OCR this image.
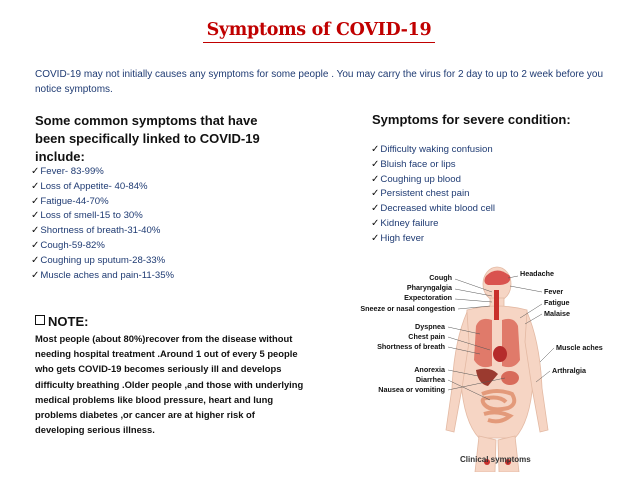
Symptoms of COVID-19
COVID-19 may not initially causes any symptoms for some people . You may carry the virus for 2 day to up to 2 week before you notice symptoms.
Some common symptoms that have been specifically linked to COVID-19 include:
✓Fever- 83-99%
✓Loss of Appetite- 40-84%
✓Fatigue-44-70%
✓Loss of smell-15 to 30%
✓Shortness of breath-31-40%
✓Cough-59-82%
✓Coughing up sputum-28-33%
✓Muscle aches and pain-11-35%
Symptoms for severe condition:
✓Difficulty waking confusion
✓Bluish face or lips
✓Coughing up blood
✓Persistent chest pain
✓Decreased white blood cell
✓Kidney failure
✓High fever
NOTE:
Most people (about 80%)recover from the disease without needing hospital treatment .Around 1 out of every 5 people who gets COVID-19 becomes seriously ill and develops difficulty breathing .Older people ,and those with underlying medical problems like blood pressure, heart and lung problems diabetes ,or cancer are at higher risk of developing serious illness.
Cough
Pharyngalgia
Expectoration
Sneeze or nasal congestion
Dyspnea
Chest pain
Shortness of breath
Anorexia
Diarrhea
Nausea or vomiting
Headache
Fever
Fatigue
Malaise
Muscle aches
Arthralgia
Clinical symptoms
